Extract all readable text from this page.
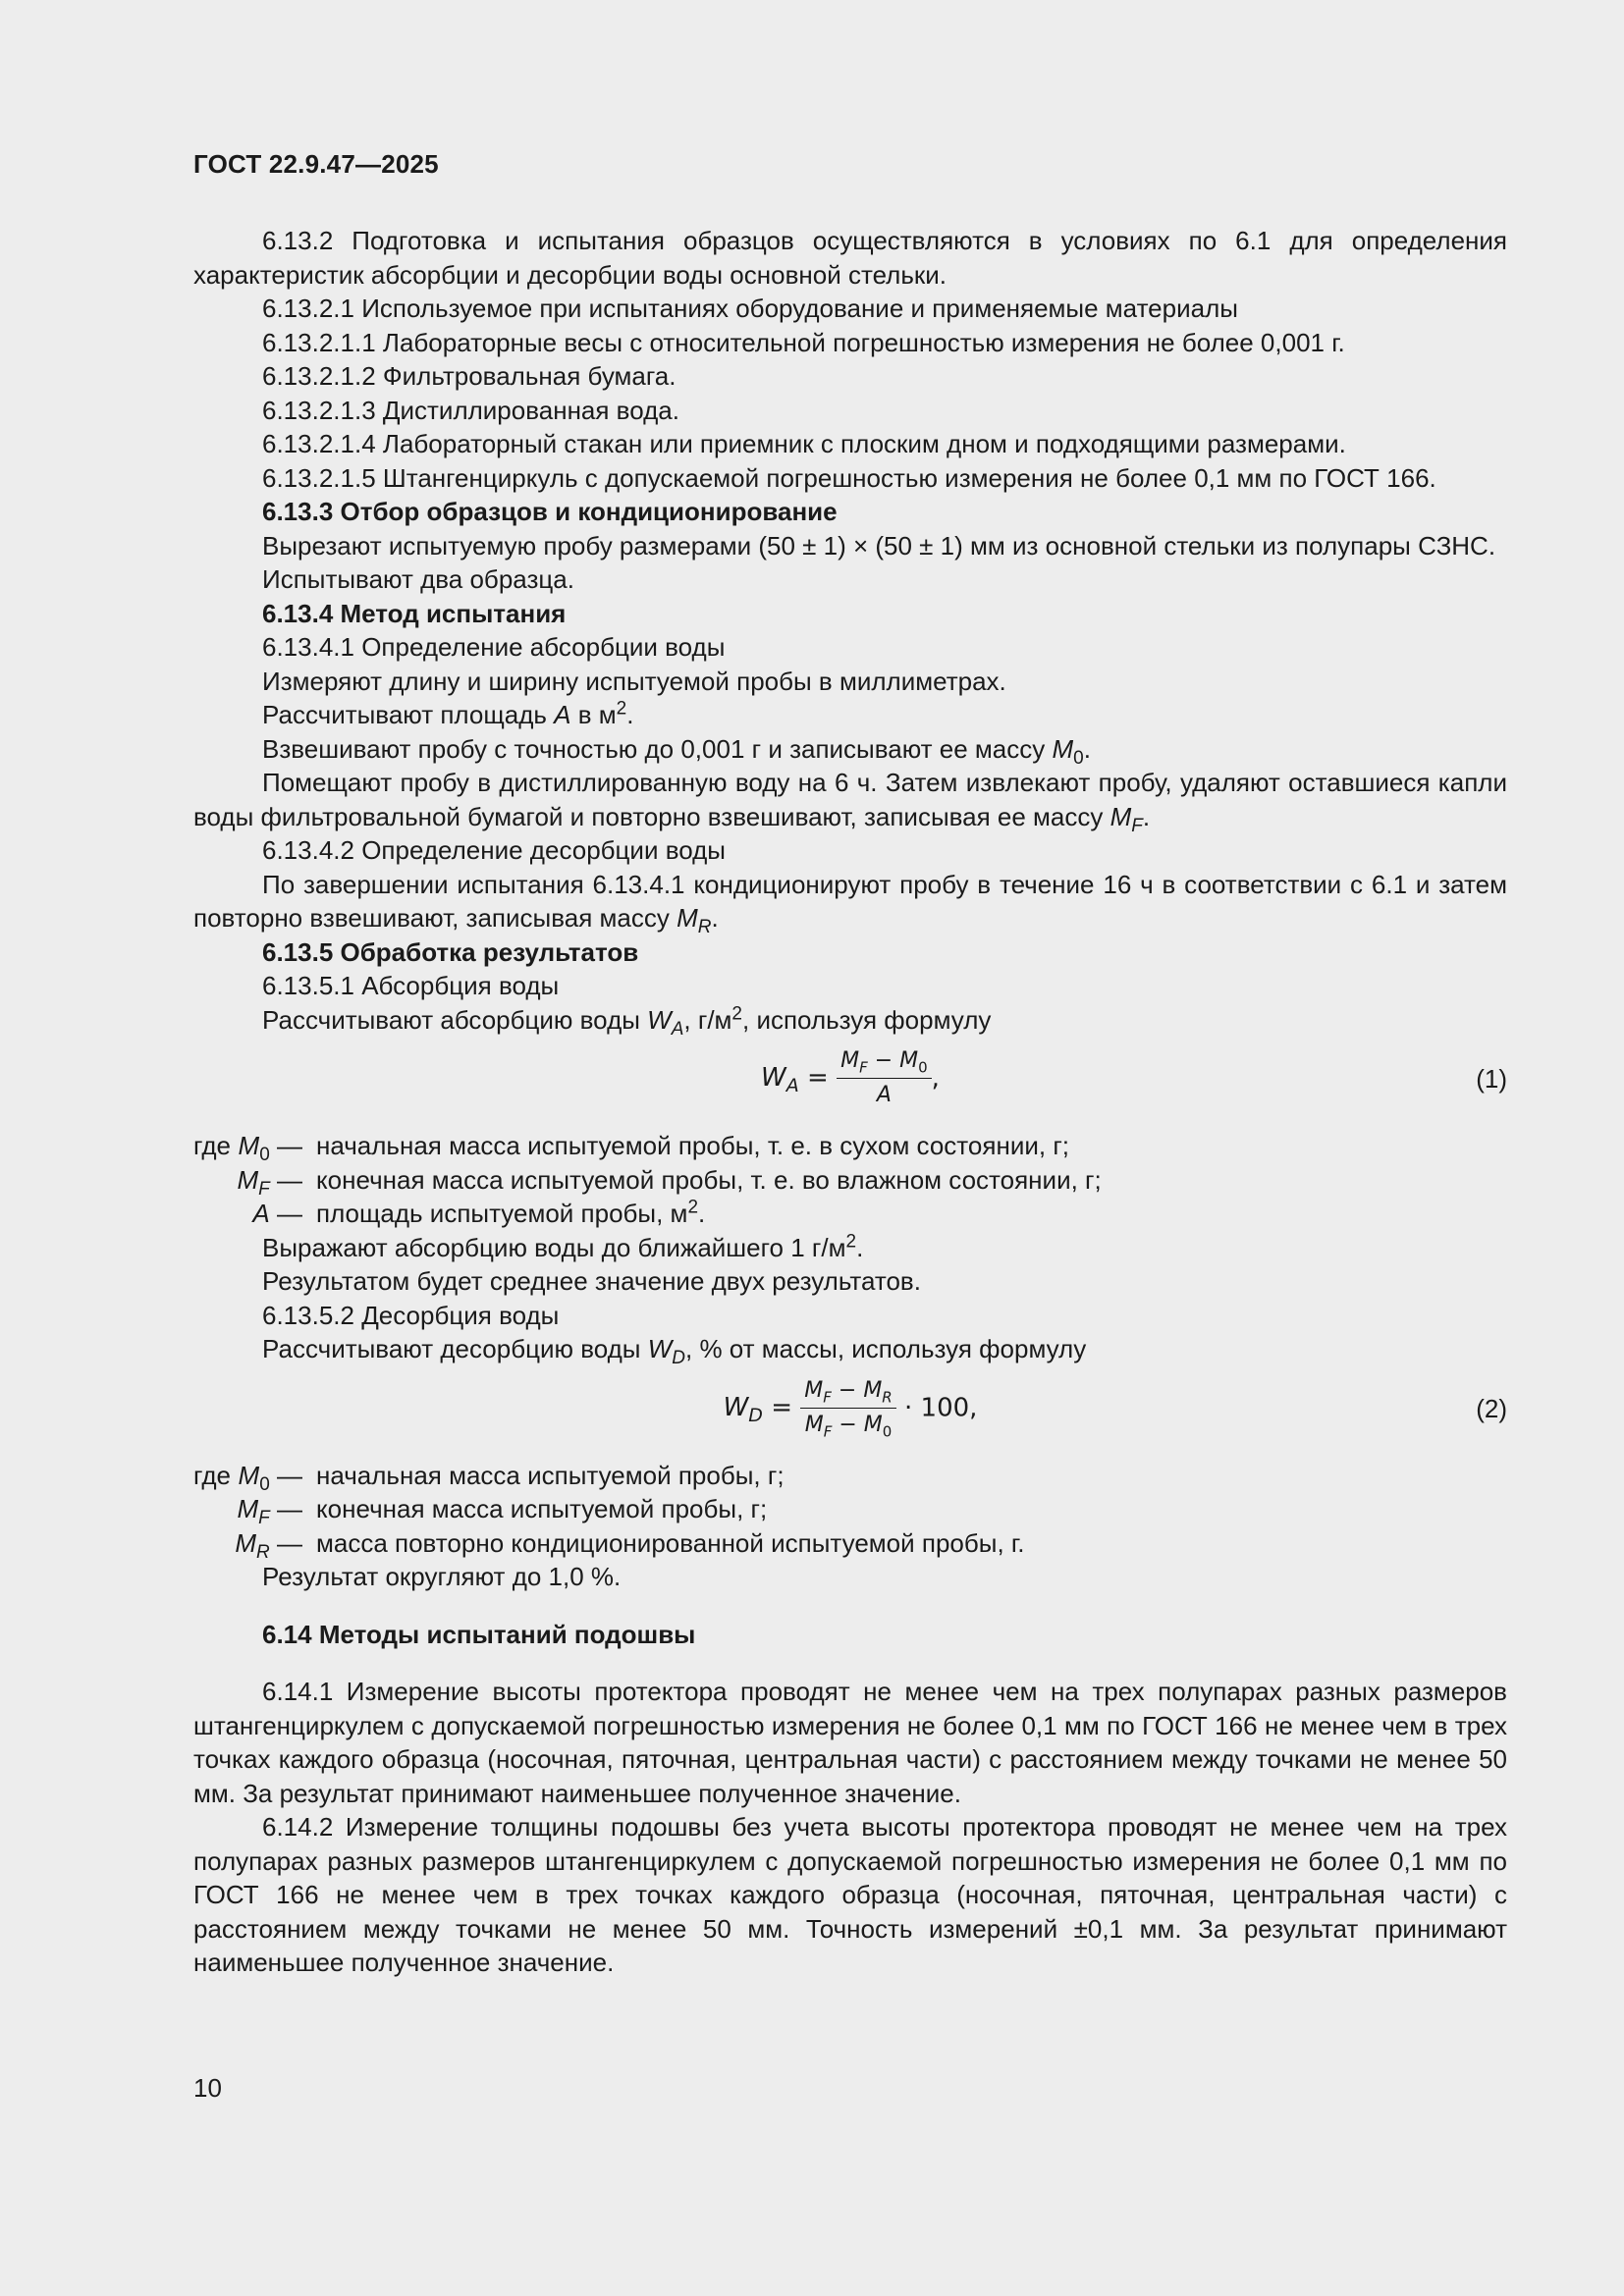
ГОСТ 22.9.47—2025

6.13.2 Подготовка и испытания образцов осуществляются в условиях по 6.1 для определения характеристик абсорбции и десорбции воды основной стельки.

6.13.2.1 Используемое при испытаниях оборудование и применяемые материалы

6.13.2.1.1 Лабораторные весы с относительной погрешностью измерения не более 0,001 г.

6.13.2.1.2 Фильтровальная бумага.

6.13.2.1.3 Дистиллированная вода.

6.13.2.1.4 Лабораторный стакан или приемник с плоским дном и подходящими размерами.

6.13.2.1.5 Штангенциркуль с допускаемой погрешностью измерения не более 0,1 мм по ГОСТ 166.

6.13.3 Отбор образцов и кондиционирование

Вырезают испытуемую пробу размерами (50 ± 1) × (50 ± 1) мм из основной стельки из полупары СЗНС.

Испытывают два образца.

6.13.4 Метод испытания

6.13.4.1 Определение абсорбции воды

Измеряют длину и ширину испытуемой пробы в миллиметрах.

Рассчитывают площадь A в $м^2$.

Взвешивают пробу с точностью до 0,001 г и записывают ее массу $M_0$.

Помещают пробу в дистиллированную воду на 6 ч. Затем извлекают пробу, удаляют оставшиеся капли воды фильтровальной бумагой и повторно взвешивают, записывая ее массу $M_F$.

6.13.4.2 Определение десорбции воды

По завершении испытания 6.13.4.1 кондиционируют пробу в течение 16 ч в соответствии с 6.1 и затем повторно взвешивают, записывая массу $M_R$.

6.13.5 Обработка результатов

6.13.5.1 Абсорбция воды

Рассчитывают абсорбцию воды $W_A$, $г/м^2$, используя формулу

$W_A = \frac{M_F - M_0}{A}$ ,	(1)
где $M_0$ — начальная масса испытуемой пробы, т. е. в сухом состоянии, г;
$M_F$ — конечная масса испытуемой пробы, т. е. во влажном состоянии, г;
A — площадь испытуемой пробы, $м^2$.

Выражают абсорбцию воды до ближайшего 1 $г/м^2$.

Результатом будет среднее значение двух результатов.

6.13.5.2 Десорбция воды

Рассчитывают десорбцию воды $W_D$, % от массы, используя формулу

$W_D = \frac{M_F - M_R}{M_F - M_0} \cdot 100$,	(2)
где $M_0$ — начальная масса испытуемой пробы, г;
$M_F$ — конечная масса испытуемой пробы, г;
$M_R$ — масса повторно кондиционированной испытуемой пробы, г.

Результат округляют до 1,0 %.

6.14 Методы испытаний подошвы

6.14.1 Измерение высоты протектора проводят не менее чем на трех полупарах разных размеров штангенциркулем с допускаемой погрешностью измерения не более 0,1 мм по ГОСТ 166 не менее чем в трех точках каждого образца (носочная, пяточная, центральная части) с расстоянием между точками не менее 50 мм. За результат принимают наименьшее полученное значение.

6.14.2 Измерение толщины подошвы без учета высоты протектора проводят не менее чем на трех полупарах разных размеров штангенциркулем с допускаемой погрешностью измерения не более 0,1 мм по ГОСТ 166 не менее чем в трех точках каждого образца (носочная, пяточная, центральная части) с расстоянием между точками не менее 50 мм. Точность измерений ±0,1 мм. За результат принимают наименьшее полученное значение.

10
